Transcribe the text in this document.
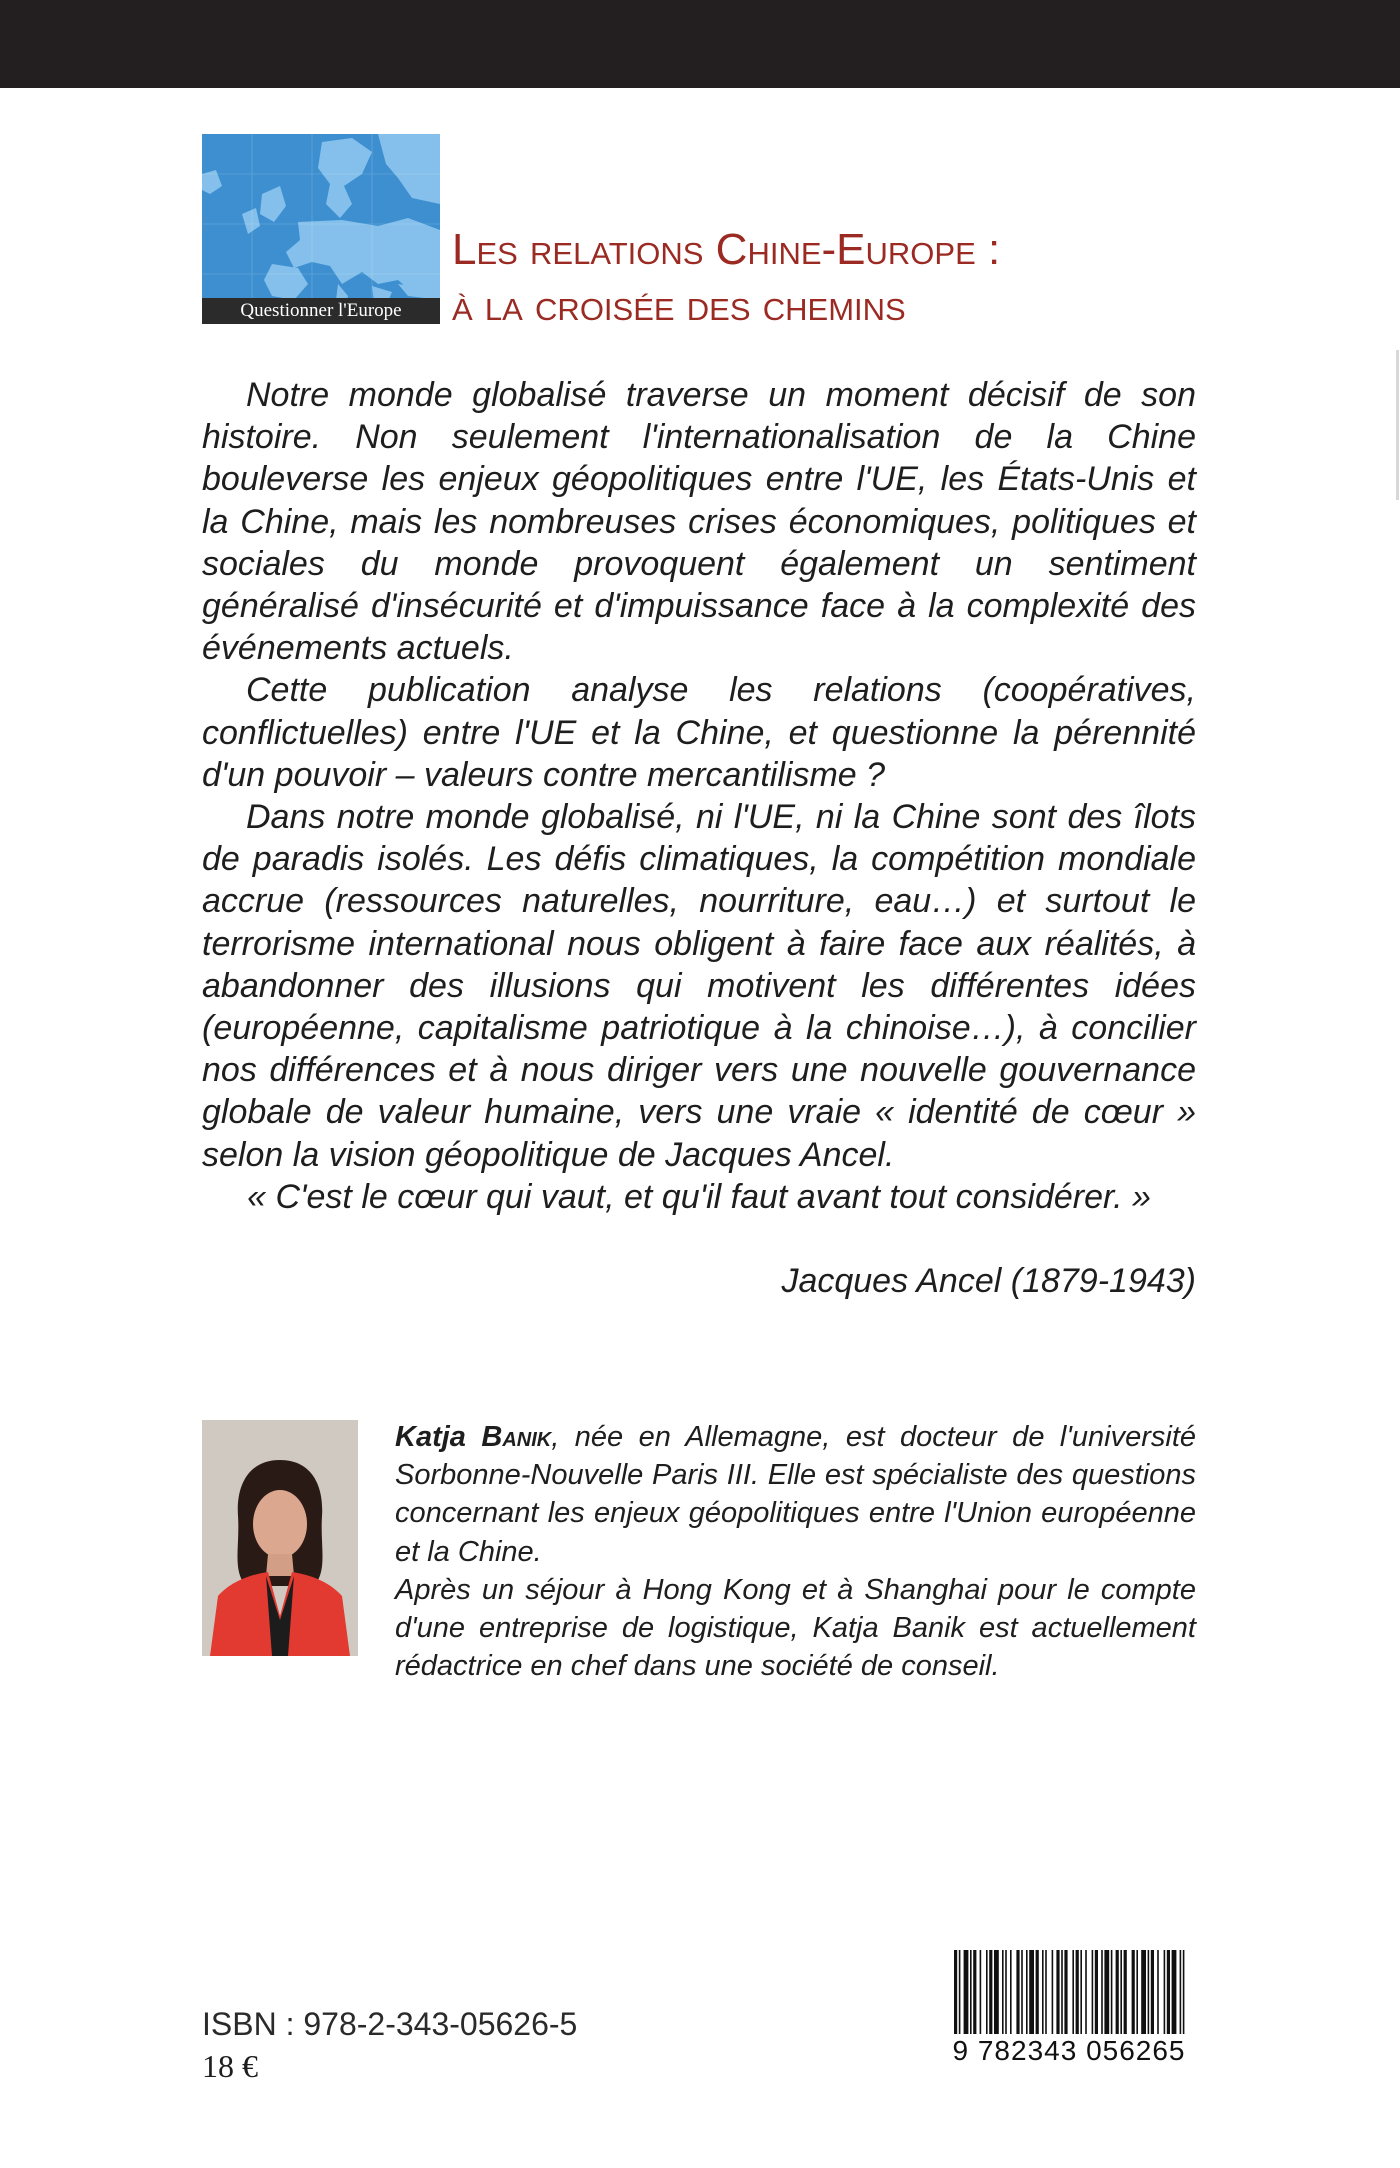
Questionner l'Europe
Les relations Chine-Europe :
à la croisée des chemins

Notre monde globalisé traverse un moment décisif de son histoire. Non seulement l'internationalisation de la Chine bouleverse les enjeux géopolitiques entre l'UE, les États-Unis et la Chine, mais les nombreuses crises économiques, politiques et sociales du monde provoquent également un sentiment généralisé d'insécurité et d'impuissance face à la complexité des événements actuels.

Cette publication analyse les relations (coopératives, conflictuelles) entre l'UE et la Chine, et questionne la pérennité d'un pouvoir – valeurs contre mercantilisme ?

Dans notre monde globalisé, ni l'UE, ni la Chine sont des îlots de paradis isolés. Les défis climatiques, la compétition mondiale accrue (ressources naturelles, nourriture, eau…) et surtout le terrorisme international nous obligent à faire face aux réalités, à abandonner des illusions qui motivent les différentes idées (européenne, capitalisme patriotique à la chinoise…), à concilier nos différences et à nous diriger vers une nouvelle gouvernance globale de valeur humaine, vers une vraie « identité de cœur » selon la vision géopolitique de Jacques Ancel.

« C'est le cœur qui vaut, et qu'il faut avant tout considérer. »
Jacques Ancel (1879-1943)

Katja Banik, née en Allemagne, est docteur de l'université Sorbonne-Nouvelle Paris III. Elle est spécialiste des questions concernant les enjeux géopolitiques entre l'Union européenne et la Chine.

Après un séjour à Hong Kong et à Shanghai pour le compte d'une entreprise de logistique, Katja Banik est actuellement rédactrice en chef dans une société de conseil.

ISBN : 978-2-343-05626-5
18 €	9 782343 056265
